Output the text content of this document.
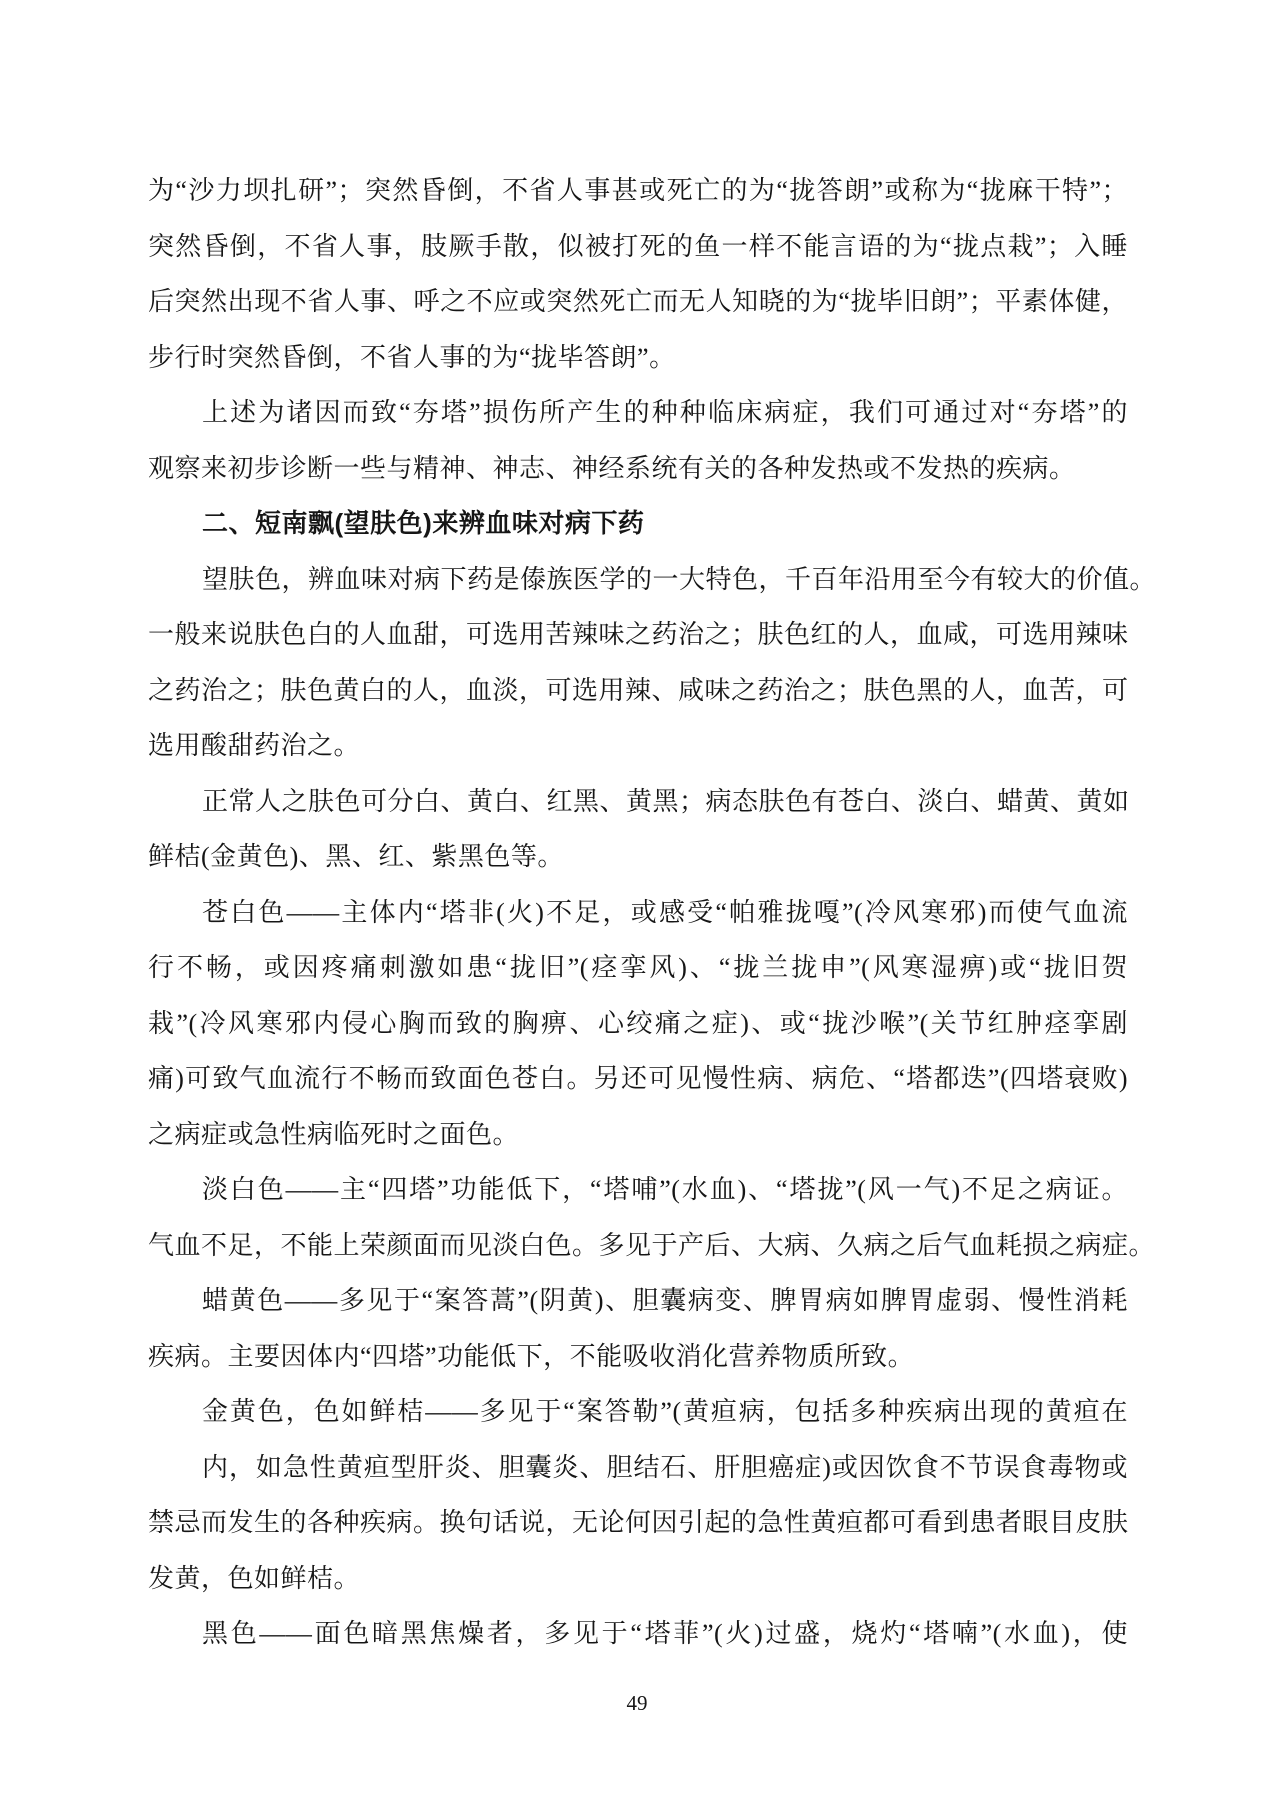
为“沙力坝扎研”；突然昏倒，不省人事甚或死亡的为“拢答朗”或称为“拢麻干特”；
突然昏倒，不省人事，肢厥手散，似被打死的鱼一样不能言语的为“拢点栽”；入睡
后突然出现不省人事、呼之不应或突然死亡而无人知晓的为“拢毕旧朗”；平素体健，
步行时突然昏倒，不省人事的为“拢毕答朗”。
上述为诸因而致“夯塔”损伤所产生的种种临床病症，我们可通过对“夯塔”的
观察来初步诊断一些与精神、神志、神经系统有关的各种发热或不发热的疾病。
二、短南飘(望肤色)来辨血味对病下药
望肤色，辨血味对病下药是傣族医学的一大特色，千百年沿用至今有较大的价值。
一般来说肤色白的人血甜，可选用苦辣味之药治之；肤色红的人，血咸，可选用辣味
之药治之；肤色黄白的人，血淡，可选用辣、咸味之药治之；肤色黑的人，血苦，可
选用酸甜药治之。
正常人之肤色可分白、黄白、红黑、黄黑；病态肤色有苍白、淡白、蜡黄、黄如
鲜桔(金黄色)、黑、红、紫黑色等。
苍白色——主体内“塔非(火)不足，或感受“帕雅拢嘎”(冷风寒邪)而使气血流
行不畅，或因疼痛刺激如患“拢旧”(痉挛风)、“拢兰拢申”(风寒湿痹)或“拢旧贺
栽”(冷风寒邪内侵心胸而致的胸痹、心绞痛之症)、或“拢沙喉”(关节红肿痉挛剧
痛)可致气血流行不畅而致面色苍白。另还可见慢性病、病危、“塔都迭”(四塔衰败)
之病症或急性病临死时之面色。
淡白色——主“四塔”功能低下，“塔哺”(水血)、“塔拢”(风一气)不足之病证。
气血不足，不能上荣颜面而见淡白色。多见于产后、大病、久病之后气血耗损之病症。
蜡黄色——多见于“案答蒿”(阴黄)、胆囊病变、脾胃病如脾胃虚弱、慢性消耗
疾病。主要因体内“四塔”功能低下，不能吸收消化营养物质所致。
金黄色，色如鲜桔——多见于“案答勒”(黄疸病，包括多种疾病出现的黄疸在
内，如急性黄疸型肝炎、胆囊炎、胆结石、肝胆癌症)或因饮食不节误食毒物或
禁忌而发生的各种疾病。换句话说，无论何因引起的急性黄疸都可看到患者眼目皮肤
发黄，色如鲜桔。
黑色——面色暗黑焦燥者，多见于“塔菲”(火)过盛，烧灼“塔喃”(水血)，使
49
